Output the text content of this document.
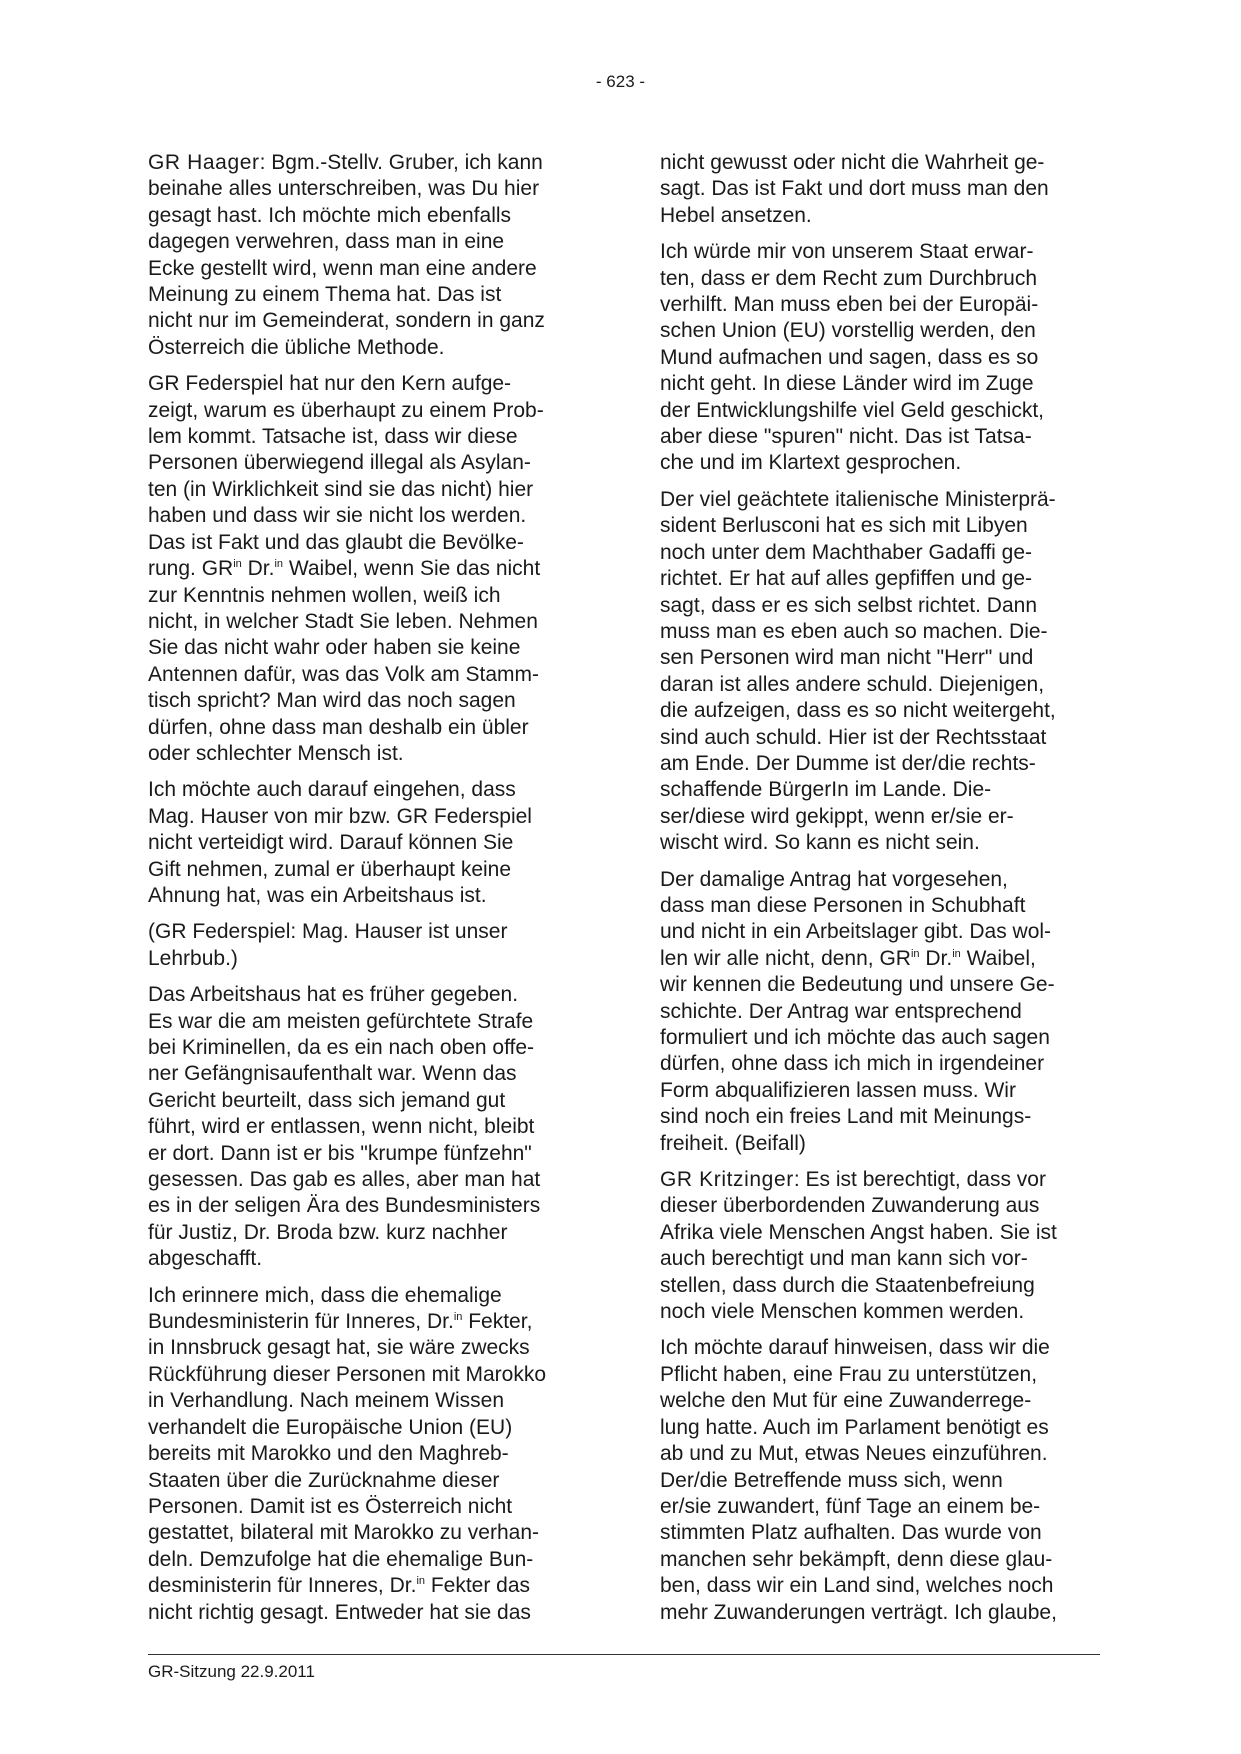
- 623 -
GR Haager: Bgm.-Stellv. Gruber, ich kann
beinahe alles unterschreiben, was Du hier
gesagt hast. Ich möchte mich ebenfalls
dagegen verwehren, dass man in eine
Ecke gestellt wird, wenn man eine andere
Meinung zu einem Thema hat. Das ist
nicht nur im Gemeinderat, sondern in ganz
Österreich die übliche Methode.
GR Federspiel hat nur den Kern aufge-
zeigt, warum es überhaupt zu einem Prob-
lem kommt. Tatsache ist, dass wir diese
Personen überwiegend illegal als Asylan-
ten (in Wirklichkeit sind sie das nicht) hier
haben und dass wir sie nicht los werden.
Das ist Fakt und das glaubt die Bevölke-
rung. $GR^{in}$ Dr.$^{in}$ Waibel, wenn Sie das nicht
zur Kenntnis nehmen wollen, weiß ich
nicht, in welcher Stadt Sie leben. Nehmen
Sie das nicht wahr oder haben sie keine
Antennen dafür, was das Volk am Stamm-
tisch spricht? Man wird das noch sagen
dürfen, ohne dass man deshalb ein übler
oder schlechter Mensch ist.
Ich möchte auch darauf eingehen, dass
Mag. Hauser von mir bzw. GR Federspiel
nicht verteidigt wird. Darauf können Sie
Gift nehmen, zumal er überhaupt keine
Ahnung hat, was ein Arbeitshaus ist.
(GR Federspiel: Mag. Hauser ist unser
Lehrbub.)
Das Arbeitshaus hat es früher gegeben.
Es war die am meisten gefürchtete Strafe
bei Kriminellen, da es ein nach oben offe-
ner Gefängnisaufenthalt war. Wenn das
Gericht beurteilt, dass sich jemand gut
führt, wird er entlassen, wenn nicht, bleibt
er dort. Dann ist er bis "krumpe fünfzehn"
gesessen. Das gab es alles, aber man hat
es in der seligen Ära des Bundesministers
für Justiz, Dr. Broda bzw. kurz nachher
abgeschafft.
Ich erinnere mich, dass die ehemalige
Bundesministerin für Inneres, Dr.$^{in}$ Fekter,
in Innsbruck gesagt hat, sie wäre zwecks
Rückführung dieser Personen mit Marokko
in Verhandlung. Nach meinem Wissen
verhandelt die Europäische Union (EU)
bereits mit Marokko und den Maghreb-
Staaten über die Zurücknahme dieser
Personen. Damit ist es Österreich nicht
gestattet, bilateral mit Marokko zu verhan-
deln. Demzufolge hat die ehemalige Bun-
desministerin für Inneres, Dr.$^{in}$ Fekter das
nicht richtig gesagt. Entweder hat sie das
nicht gewusst oder nicht die Wahrheit ge-
sagt. Das ist Fakt und dort muss man den
Hebel ansetzen.
Ich würde mir von unserem Staat erwar-
ten, dass er dem Recht zum Durchbruch
verhilft. Man muss eben bei der Europäi-
schen Union (EU) vorstellig werden, den
Mund aufmachen und sagen, dass es so
nicht geht. In diese Länder wird im Zuge
der Entwicklungshilfe viel Geld geschickt,
aber diese "spuren" nicht. Das ist Tatsa-
che und im Klartext gesprochen.
Der viel geächtete italienische Ministerprä-
sident Berlusconi hat es sich mit Libyen
noch unter dem Machthaber Gadaffi ge-
richtet. Er hat auf alles gepfiffen und ge-
sagt, dass er es sich selbst richtet. Dann
muss man es eben auch so machen. Die-
sen Personen wird man nicht "Herr" und
daran ist alles andere schuld. Diejenigen,
die aufzeigen, dass es so nicht weitergeht,
sind auch schuld. Hier ist der Rechtsstaat
am Ende. Der Dumme ist der/die rechts-
schaffende BürgerIn im Lande. Die-
ser/diese wird gekippt, wenn er/sie er-
wischt wird. So kann es nicht sein.
Der damalige Antrag hat vorgesehen,
dass man diese Personen in Schubhaft
und nicht in ein Arbeitslager gibt. Das wol-
len wir alle nicht, denn, $GR^{in}$ Dr.$^{in}$ Waibel,
wir kennen die Bedeutung und unsere Ge-
schichte. Der Antrag war entsprechend
formuliert und ich möchte das auch sagen
dürfen, ohne dass ich mich in irgendeiner
Form abqualifizieren lassen muss. Wir
sind noch ein freies Land mit Meinungs-
freiheit. (Beifall)
GR Kritzinger: Es ist berechtigt, dass vor
dieser überbordenden Zuwanderung aus
Afrika viele Menschen Angst haben. Sie ist
auch berechtigt und man kann sich vor-
stellen, dass durch die Staatenbefreiung
noch viele Menschen kommen werden.
Ich möchte darauf hinweisen, dass wir die
Pflicht haben, eine Frau zu unterstützen,
welche den Mut für eine Zuwanderrege-
lung hatte. Auch im Parlament benötigt es
ab und zu Mut, etwas Neues einzuführen.
Der/die Betreffende muss sich, wenn
er/sie zuwandert, fünf Tage an einem be-
stimmten Platz aufhalten. Das wurde von
manchen sehr bekämpft, denn diese glau-
ben, dass wir ein Land sind, welches noch
mehr Zuwanderungen verträgt. Ich glaube,
GR-Sitzung 22.9.2011
